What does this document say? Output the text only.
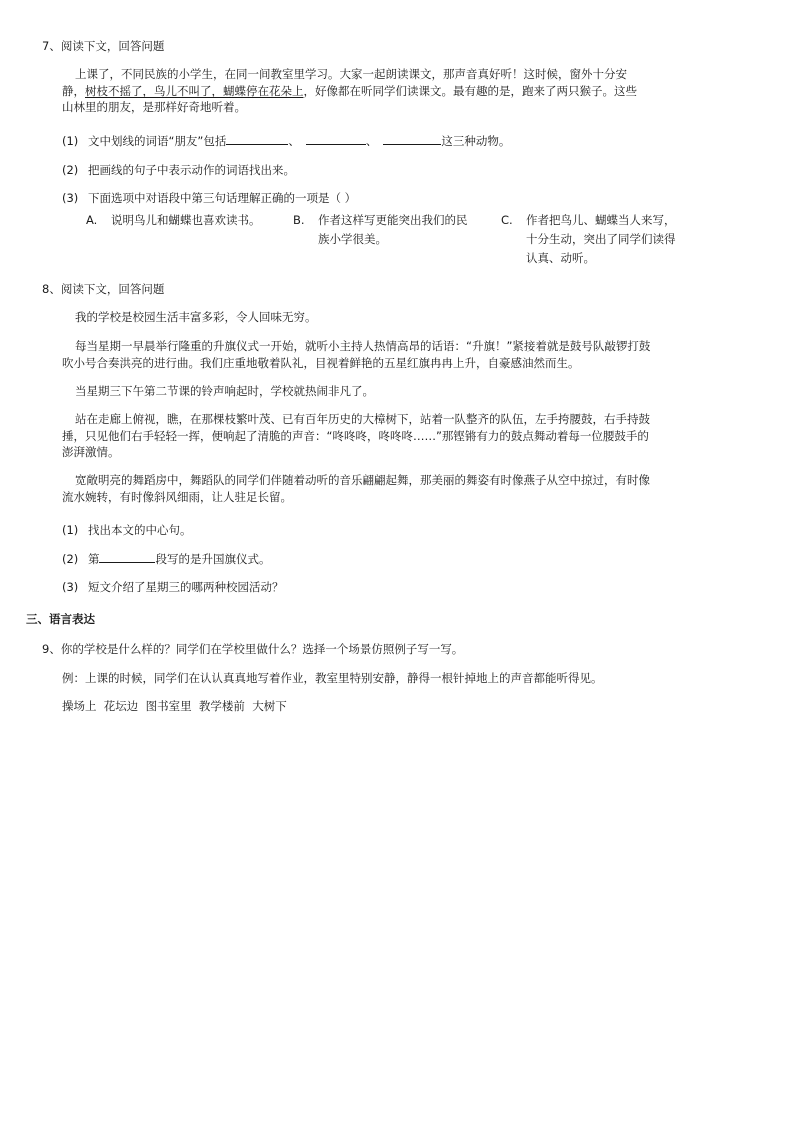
7、阅读下文，回答问题
上课了，不同民族的小学生，在同一间教室里学习。大家一起朗读课文，那声音真好听！这时候，窗外十分安
静，树枝不摇了，鸟儿不叫了，蝴蝶停在花朵上，好像都在听同学们读课文。最有趣的是，跑来了两只猴子。这些
山林里的朋友，是那样好奇地听着。
(1) 文中划线的词语“朋友”包括	、	、	这三种动物。
(2) 把画线的句子中表示动作的词语找出来。
(3) 下面选项中对语段中第三句话理解正确的一项是（ ）
A. 说明鸟儿和蝴蝶也喜欢读书。	B. 作者这样写更能突出我们的民
族小学很美。
C. 作者把鸟儿、蝴蝶当人来写，
十分生动，突出了同学们读得
认真、动听。
8、阅读下文，回答问题
我的学校是校园生活丰富多彩，令人回味无穷。
每当星期一早晨举行隆重的升旗仪式一开始，就听小主持人热情高昂的话语：“升旗！”紧接着就是鼓号队敲锣打鼓
吹小号合奏洪亮的进行曲。我们庄重地敬着队礼，目视着鲜艳的五星红旗冉冉上升，自豪感油然而生。
当星期三下午第二节课的铃声响起时，学校就热闹非凡了。
站在走廊上俯视，瞧，在那棵枝繁叶茂、已有百年历史的大樟树下，站着一队整齐的队伍，左手挎腰鼓，右手持鼓
捶，只见他们右手轻轻一挥，便响起了清脆的声音：“咚咚咚，咚咚咚……”那铿锵有力的鼓点舞动着每一位腰鼓手的
澎湃激情。
宽敞明亮的舞蹈房中，舞蹈队的同学们伴随着动听的音乐翩翩起舞，那美丽的舞姿有时像燕子从空中掠过，有时像
流水婉转，有时像斜风细雨，让人驻足长留。
(1) 找出本文的中心句。
(2) 第	段写的是升国旗仪式。
(3) 短文介绍了星期三的哪两种校园活动？
三、语言表达
9、你的学校是什么样的？同学们在学校里做什么？选择一个场景仿照例子写一写。
例：上课的时候，同学们在认认真真地写着作业，教室里特别安静，静得一根针掉地上的声音都能听得见。
操场上  花坛边  图书室里  教学楼前  大树下
